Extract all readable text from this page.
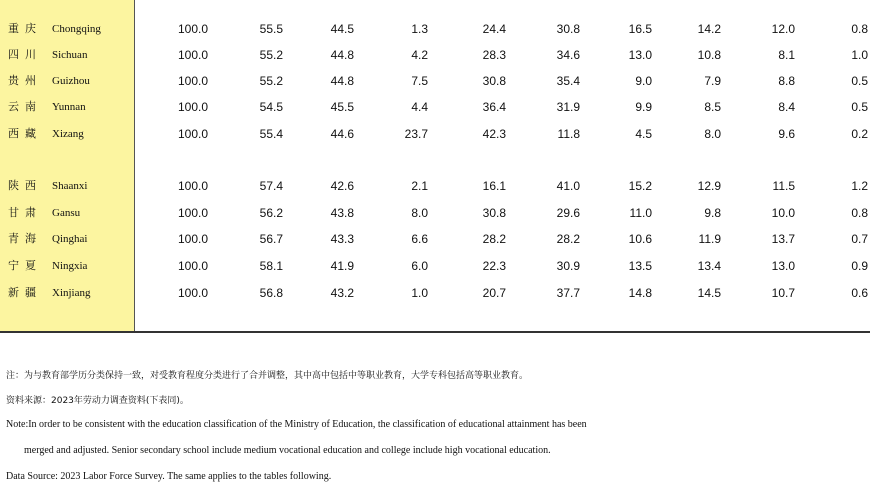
重庆 Chongqing	100.0	55.5	44.5	1.3	24.4	30.8	16.5	14.2	12.0	0.8
四川 Sichuan	100.0	55.2	44.8	4.2	28.3	34.6	13.0	10.8	8.1	1.0
贵州 Guizhou	100.0	55.2	44.8	7.5	30.8	35.4	9.0	7.9	8.8	0.5
云南 Yunnan	100.0	54.5	45.5	4.4	36.4	31.9	9.9	8.5	8.4	0.5
西藏 Xizang	100.0	55.4	44.6	23.7	42.3	11.8	4.5	8.0	9.6	0.2
陕西 Shaanxi	100.0	57.4	42.6	2.1	16.1	41.0	15.2	12.9	11.5	1.2
甘肃 Gansu	100.0	56.2	43.8	8.0	30.8	29.6	11.0	9.8	10.0	0.8
青海 Qinghai	100.0	56.7	43.3	6.6	28.2	28.2	10.6	11.9	13.7	0.7
宁夏 Ningxia	100.0	58.1	41.9	6.0	22.3	30.9	13.5	13.4	13.0	0.9
新疆 Xinjiang	100.0	56.8	43.2	1.0	20.7	37.7	14.8	14.5	10.7	0.6
注：为与教育部学历分类保持一致，对受教育程度分类进行了合并调整，其中高中包括中等职业教育，大学专科包括高等职业教育。
资料来源：2023年劳动力调查资料(下表同)。
Note:In order to be consistent with the education classification of the Ministry of Education, the classification of educational attainment has been
merged and adjusted. Senior secondary school include medium vocational education and college include high vocational education.
Data Source: 2023 Labor Force Survey. The same applies to the tables following.
